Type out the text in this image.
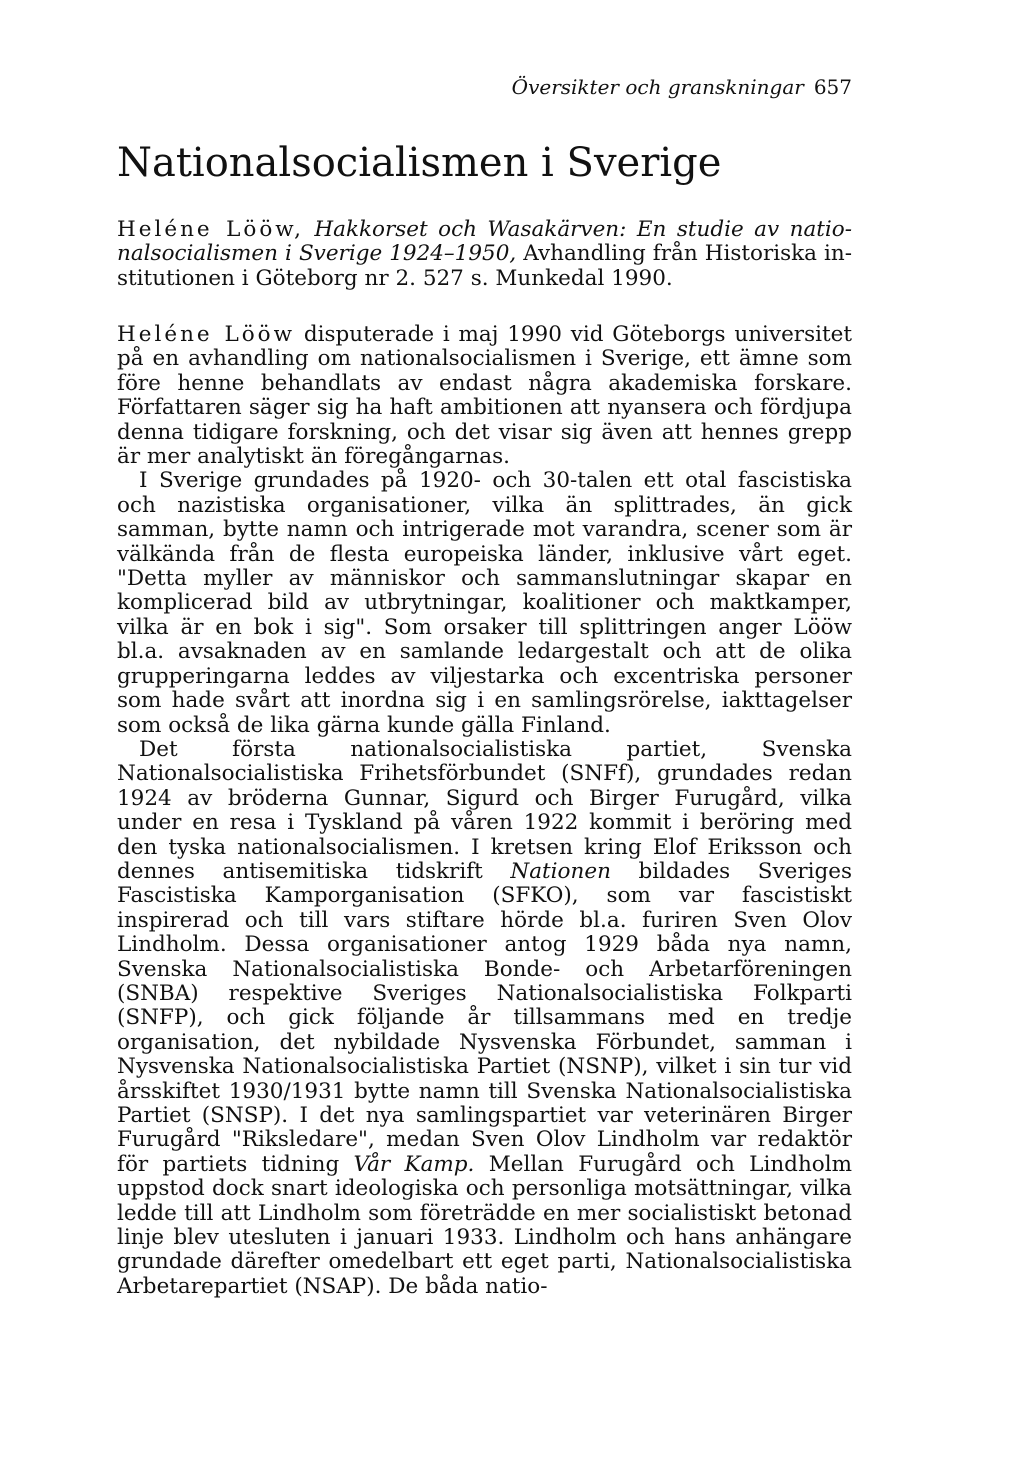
Översikter och granskningar 657
Nationalsocialismen i Sverige

Heléne Lööw, Hakkorset och Wasakärven: En studie av nationalsocialismen i Sverige 1924–1950, Avhandling från Historiska institutionen i Göteborg nr 2. 527 s. Munkedal 1990.

Heléne Lööw disputerade i maj 1990 vid Göteborgs universitet på en avhandling om nationalsocialismen i Sverige, ett ämne som före henne behandlats av endast några akademiska forskare. Författaren säger sig ha haft ambitionen att nyansera och fördjupa denna tidigare forskning, och det visar sig även att hennes grepp är mer analytiskt än föregångarnas.

I Sverige grundades på 1920- och 30-talen ett otal fascistiska och nazistiska organisationer, vilka än splittrades, än gick samman, bytte namn och intrigerade mot varandra, scener som är välkända från de flesta europeiska länder, inklusive vårt eget. "Detta myller av människor och sammanslutningar skapar en komplicerad bild av utbrytningar, koalitioner och maktkamper, vilka är en bok i sig". Som orsaker till splittringen anger Lööw bl.a. avsaknaden av en samlande ledargestalt och att de olika grupperingarna leddes av viljestarka och excentriska personer som hade svårt att inordna sig i en samlingsrörelse, iakttagelser som också de lika gärna kunde gälla Finland.

Det första nationalsocialistiska partiet, Svenska Nationalsocialistiska Frihetsförbundet (SNFf), grundades redan 1924 av bröderna Gunnar, Sigurd och Birger Furugård, vilka under en resa i Tyskland på våren 1922 kommit i beröring med den tyska nationalsocialismen. I kretsen kring Elof Eriksson och dennes antisemitiska tidskrift Nationen bildades Sveriges Fascistiska Kamporganisation (SFKO), som var fascistiskt inspirerad och till vars stiftare hörde bl.a. furiren Sven Olov Lindholm. Dessa organisationer antog 1929 båda nya namn, Svenska Nationalsocialistiska Bonde- och Arbetarföreningen (SNBA) respektive Sveriges Nationalsocialistiska Folkparti (SNFP), och gick följande år tillsammans med en tredje organisation, det nybildade Nysvenska Förbundet, samman i Nysvenska Nationalsocialistiska Partiet (NSNP), vilket i sin tur vid årsskiftet 1930/1931 bytte namn till Svenska Nationalsocialistiska Partiet (SNSP). I det nya samlingspartiet var veterinären Birger Furugård "Riksledare", medan Sven Olov Lindholm var redaktör för partiets tidning Vår Kamp. Mellan Furugård och Lindholm uppstod dock snart ideologiska och personliga motsättningar, vilka ledde till att Lindholm som företrädde en mer socialistiskt betonad linje blev utesluten i januari 1933. Lindholm och hans anhängare grundade därefter omedelbart ett eget parti, Nationalsocialistiska Arbetarepartiet (NSAP). De båda natio-
